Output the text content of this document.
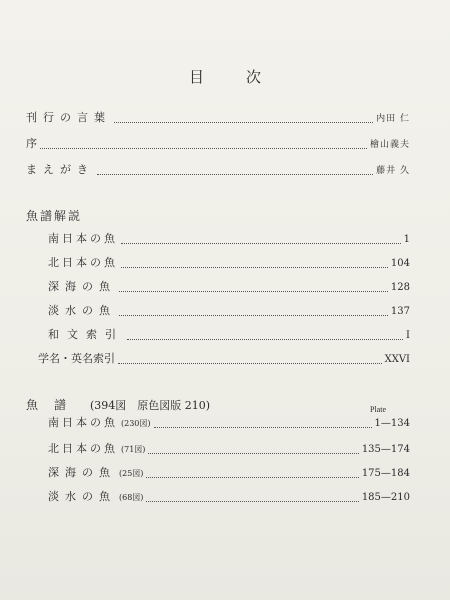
目次
刊行の言葉	内田 仁
序	檜山義夫
まえがき	藤井 久
魚譜解説
南日本の魚	1
北日本の魚	104
深海の魚	128
淡水の魚	137
和文索引	I
学名・英名索引	XXVI
魚譜 (394図　原色図版 210)	Plate
南日本の魚 (230図)	1—134
北日本の魚 (71図)	135—174
深海の魚 (25図)	175—184
淡水の魚 (68図)	185—210
